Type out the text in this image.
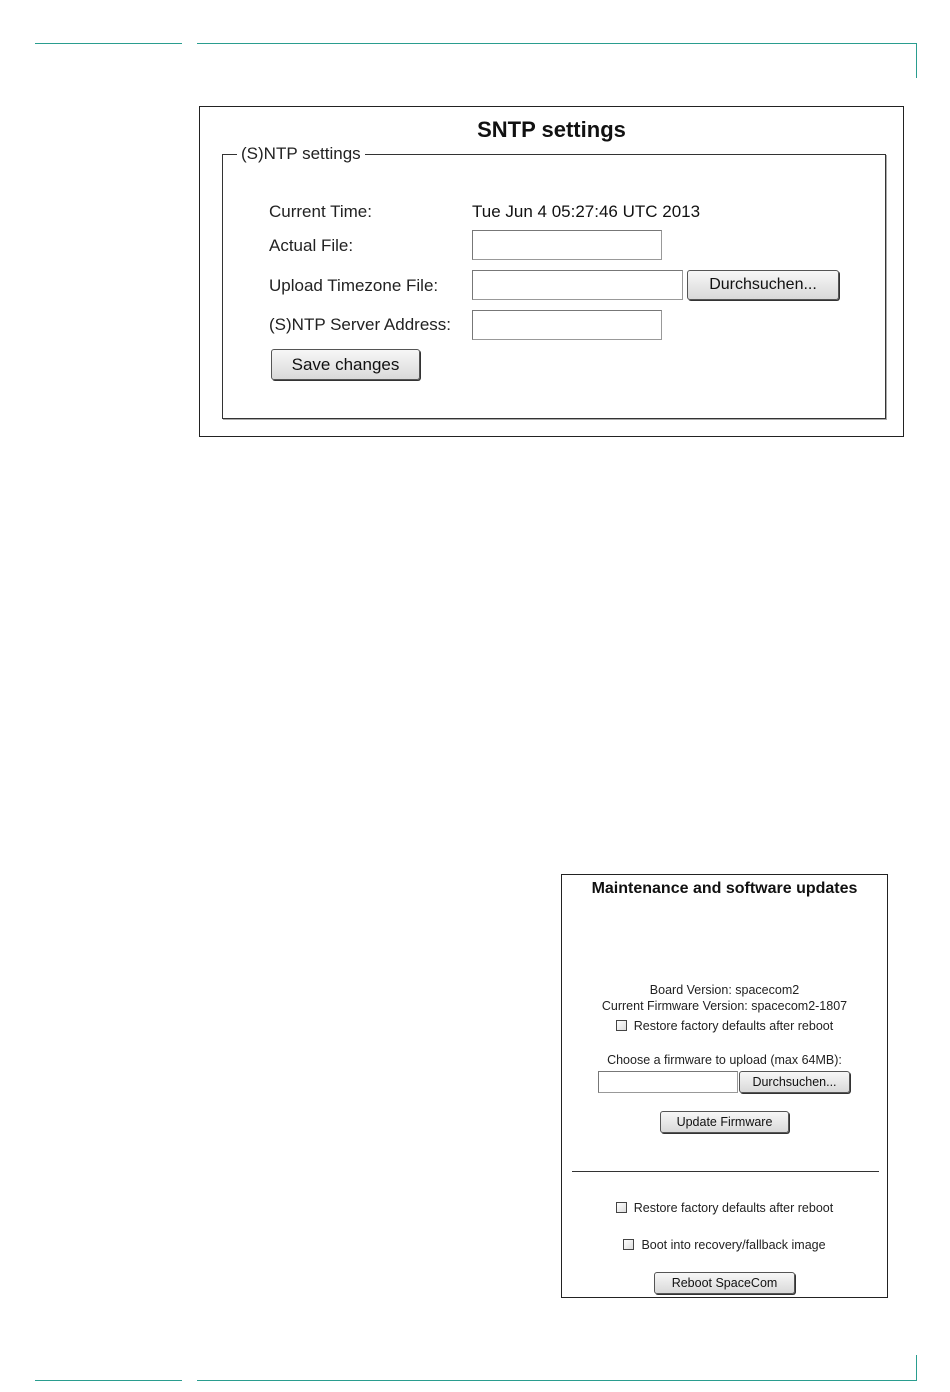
SNTP settings
(S)NTP settings
Current Time:	Tue Jun 4 05:27:46 UTC 2013
Actual File:
Upload Timezone File:	Durchsuchen...
(S)NTP Server Address:
Save changes
Maintenance and software updates
Board Version: spacecom2
Current Firmware Version: spacecom2-1807
Restore factory defaults after reboot
Choose a firmware to upload (max 64MB):
Durchsuchen...
Update Firmware
Restore factory defaults after reboot
Boot into recovery/fallback image
Reboot SpaceCom
